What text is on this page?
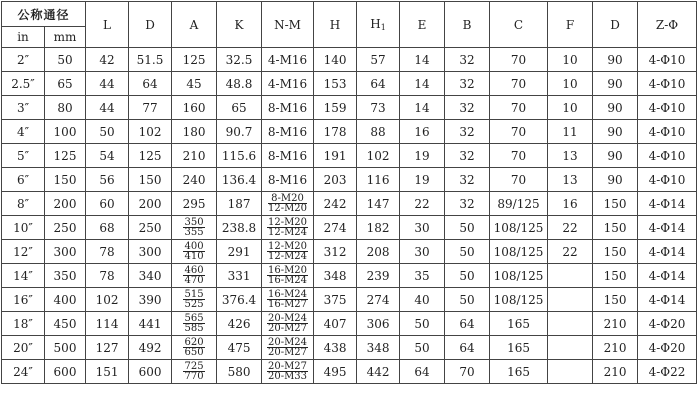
公称通径		L	D	A	K	N-M	H	$H_1$	E	B	C	F	D	Z-Φ
in	mm													
2″	50	42	51.5	125	32.5	4-M16	140	57	14	32	70	10	90	4-Φ10
2.5″	65	44	64	45	48.8	4-M16	153	64	14	32	70	10	90	4-Φ10
3″	80	44	77	160	65	8-M16	159	73	14	32	70	10	90	4-Φ10
4″	100	50	102	180	90.7	8-M16	178	88	16	32	70	11	90	4-Φ10
5″	125	54	125	210	115.6	8-M16	191	102	19	32	70	13	90	4-Φ10
6″	150	56	150	240	136.4	8-M16	203	116	19	32	70	13	90	4-Φ10
8″	200	60	200	295	187	$\frac{8-M20}{12-M20}$	242	147	22	32	89/125	16	150	4-Φ14
10″	250	68	250	$\frac{350}{355}$	238.8	$\frac{12-M20}{12-M24}$	274	182	30	50	108/125	22	150	4-Φ14
12″	300	78	300	$\frac{400}{410}$	291	$\frac{12-M20}{12-M24}$	312	208	30	50	108/125	22	150	4-Φ14
14″	350	78	340	$\frac{460}{470}$	331	$\frac{16-M20}{16-M24}$	348	239	35	50	108/125		150	4-Φ14
16″	400	102	390	$\frac{515}{525}$	376.4	$\frac{16-M24}{16-M27}$	375	274	40	50	108/125		150	4-Φ14
18″	450	114	441	$\frac{565}{585}$	426	$\frac{20-M24}{20-M27}$	407	306	50	64	165		210	4-Φ20
20″	500	127	492	$\frac{620}{650}$	475	$\frac{20-M24}{20-M27}$	438	348	50	64	165		210	4-Φ20
24″	600	151	600	$\frac{725}{770}$	580	$\frac{20-M27}{20-M33}$	495	442	64	70	165		210	4-Φ22
